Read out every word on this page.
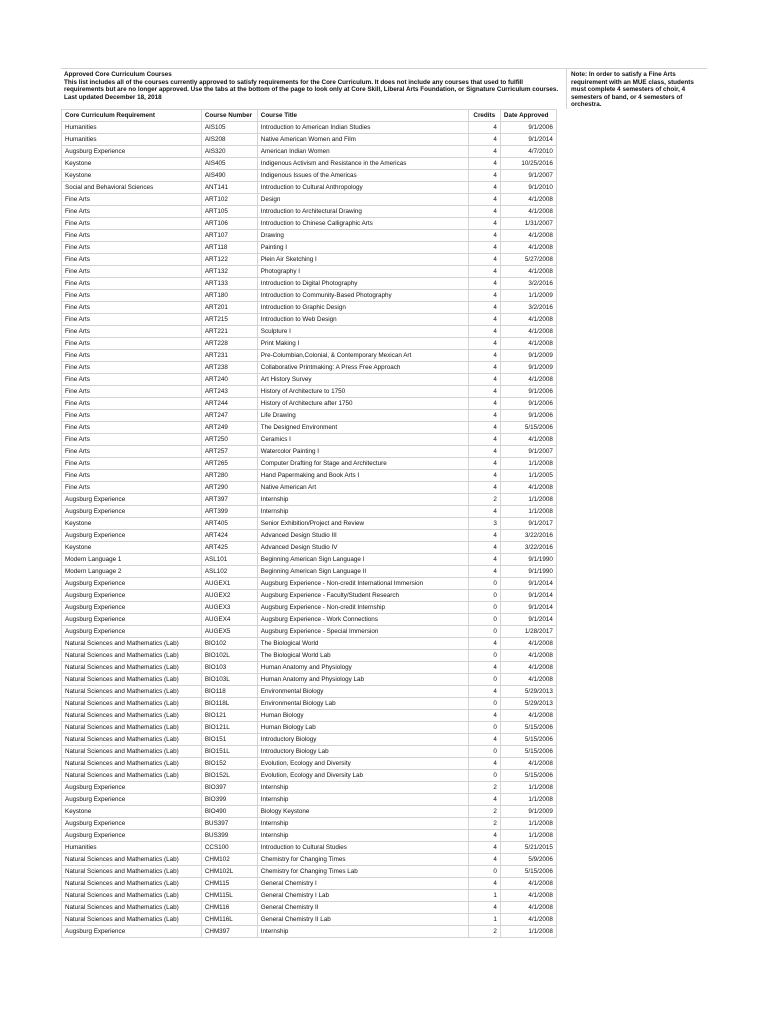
Approved Core Curriculum Courses
This list includes all of the courses currently approved to satisfy requirements for the Core Curriculum. It does not include any courses that used to fulfill requirements but are no longer approved. Use the tabs at the bottom of the page to look only at Core Skill, Liberal Arts Foundation, or Signature Curriculum courses.
Last updated December 18, 2018
Note: In order to satisfy a Fine Arts requirement with an MUE class, students must complete 4 semesters of choir, 4 semesters of band, or 4 semesters of orchestra.
Core Curriculum Requirement	Course Number	Course Title	Credits	Date Approved	
Humanities	AIS105	Introduction to American Indian Studies	4	9/1/2006	
Humanities	AIS208	Native American Women and Film	4	9/1/2014	
Augsburg Experience	AIS320	American Indian Women	4	4/7/2010	
Keystone	AIS405	Indigenous Activism and Resistance in the Americas	4	10/25/2016	
Keystone	AIS490	Indigenous Issues of the Americas	4	9/1/2007	
Social and Behavioral Sciences	ANT141	Introduction to Cultural Anthropology	4	9/1/2010	
Fine Arts	ART102	Design	4	4/1/2008	
Fine Arts	ART105	Introduction to Architectural Drawing	4	4/1/2008	
Fine Arts	ART106	Introduction to Chinese Calligraphic Arts	4	1/31/2007	
Fine Arts	ART107	Drawing	4	4/1/2008	
Fine Arts	ART118	Painting I	4	4/1/2008	
Fine Arts	ART122	Plein Air Sketching I	4	5/27/2008	
Fine Arts	ART132	Photography I	4	4/1/2008	
Fine Arts	ART133	Introduction to Digital Photography	4	3/2/2016	
Fine Arts	ART180	Introduction to Community-Based Photography	4	1/1/2009	
Fine Arts	ART201	Introduction to Graphic Design	4	3/2/2016	
Fine Arts	ART215	Introduction to Web Design	4	4/1/2008	
Fine Arts	ART221	Sculpture I	4	4/1/2008	
Fine Arts	ART228	Print Making I	4	4/1/2008	
Fine Arts	ART231	Pre-Columbian,Colonial, & Contemporary Mexican Art	4	9/1/2009	
Fine Arts	ART238	Collaborative Printmaking: A Press Free Approach	4	9/1/2009	
Fine Arts	ART240	Art History Survey	4	4/1/2008	
Fine Arts	ART243	History of Architecture to 1750	4	9/1/2006	
Fine Arts	ART244	History of Architecture after 1750	4	9/1/2006	
Fine Arts	ART247	Life Drawing	4	9/1/2006	
Fine Arts	ART249	The Designed Environment	4	5/15/2006	
Fine Arts	ART250	Ceramics I	4	4/1/2008	
Fine Arts	ART257	Watercolor Painting I	4	9/1/2007	
Fine Arts	ART265	Computer Drafting for Stage and Architecture	4	1/1/2008	
Fine Arts	ART280	Hand Papermaking and Book Arts I	4	1/1/2005	
Fine Arts	ART290	Native American Art	4	4/1/2008	
Augsburg Experience	ART397	Internship	2	1/1/2008	
Augsburg Experience	ART399	Internship	4	1/1/2008	
Keystone	ART405	Senior Exhibition/Project and Review	3	9/1/2017	
Augsburg Experience	ART424	Advanced Design Studio III	4	3/22/2016	
Keystone	ART425	Advanced Design Studio IV	4	3/22/2016	
Modern Language 1	ASL101	Beginning American Sign Language I	4	9/1/1990	
Modern Language 2	ASL102	Beginning American Sign Language II	4	9/1/1990	
Augsburg Experience	AUGEX1	Augsburg Experience - Non-credit International Immersion	0	9/1/2014	
Augsburg Experience	AUGEX2	Augsburg Experience - Faculty/Student Research	0	9/1/2014	
Augsburg Experience	AUGEX3	Augsburg Experience - Non-credit Internship	0	9/1/2014	
Augsburg Experience	AUGEX4	Augsburg Experience - Work Connections	0	9/1/2014	
Augsburg Experience	AUGEX5	Augsburg Experience - Special Immersion	0	1/28/2017	
Natural Sciences and Mathematics (Lab)	BIO102	The Biological World	4	4/1/2008	
Natural Sciences and Mathematics (Lab)	BIO102L	The Biological World Lab	0	4/1/2008	
Natural Sciences and Mathematics (Lab)	BIO103	Human Anatomy and Physiology	4	4/1/2008	
Natural Sciences and Mathematics (Lab)	BIO103L	Human Anatomy and Physiology Lab	0	4/1/2008	
Natural Sciences and Mathematics (Lab)	BIO118	Environmental Biology	4	5/29/2013	
Natural Sciences and Mathematics (Lab)	BIO118L	Environmental Biology Lab	0	5/29/2013	
Natural Sciences and Mathematics (Lab)	BIO121	Human Biology	4	4/1/2008	
Natural Sciences and Mathematics (Lab)	BIO121L	Human Biology Lab	0	5/15/2006	
Natural Sciences and Mathematics (Lab)	BIO151	Introductory Biology	4	5/15/2006	
Natural Sciences and Mathematics (Lab)	BIO151L	Introductory Biology Lab	0	5/15/2006	
Natural Sciences and Mathematics (Lab)	BIO152	Evolution, Ecology and Diversity	4	4/1/2008	
Natural Sciences and Mathematics (Lab)	BIO152L	Evolution, Ecology and Diversity Lab	0	5/15/2006	
Augsburg Experience	BIO397	Internship	2	1/1/2008	
Augsburg Experience	BIO399	Internship	4	1/1/2008	
Keystone	BIO490	Biology Keystone	2	9/1/2009	
Augsburg Experience	BUS397	Internship	2	1/1/2008	
Augsburg Experience	BUS399	Internship	4	1/1/2008	
Humanities	CCS100	Introduction to Cultural Studies	4	5/21/2015	
Natural Sciences and Mathematics (Lab)	CHM102	Chemistry for Changing Times	4	5/9/2006	
Natural Sciences and Mathematics (Lab)	CHM102L	Chemistry for Changing Times Lab	0	5/15/2006	
Natural Sciences and Mathematics (Lab)	CHM115	General Chemistry I	4	4/1/2008	
Natural Sciences and Mathematics (Lab)	CHM115L	General Chemistry I Lab	1	4/1/2008	
Natural Sciences and Mathematics (Lab)	CHM116	General Chemistry II	4	4/1/2008	
Natural Sciences and Mathematics (Lab)	CHM116L	General Chemistry II Lab	1	4/1/2008	
Augsburg Experience	CHM397	Internship	2	1/1/2008	
